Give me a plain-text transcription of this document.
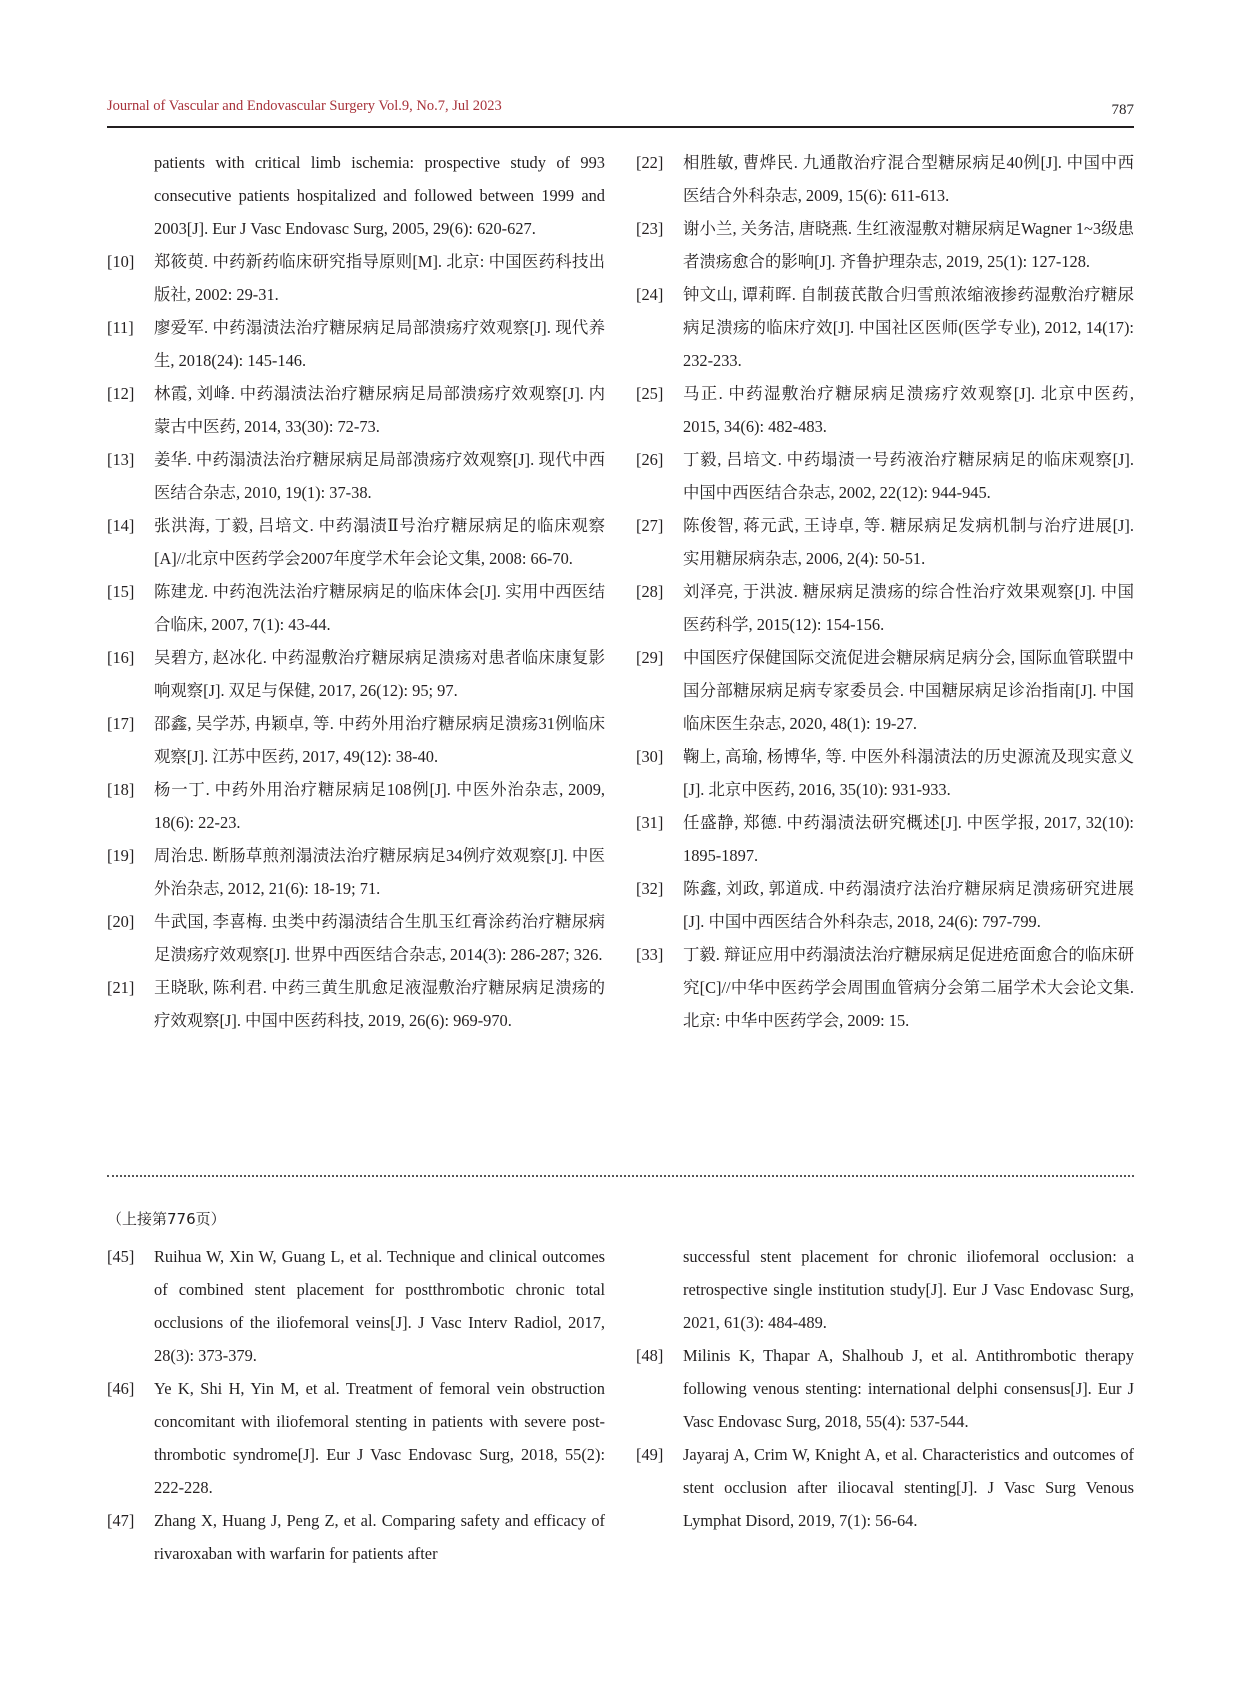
Journal of Vascular and Endovascular Surgery Vol.9, No.7, Jul 2023	787
patients with critical limb ischemia: prospective study of 993 consecutive patients hospitalized and followed between 1999 and 2003[J]. Eur J Vasc Endovasc Surg, 2005, 29(6): 620-627.
[10] 郑筱萸. 中药新药临床研究指导原则[M]. 北京: 中国医药科技出版社, 2002: 29-31.
[11] 廖爱军. 中药溻渍法治疗糖尿病足局部溃疡疗效观察[J]. 现代养生, 2018(24): 145-146.
[12] 林霞, 刘峰. 中药溻渍法治疗糖尿病足局部溃疡疗效观察[J]. 内蒙古中医药, 2014, 33(30): 72-73.
[13] 姜华. 中药溻渍法治疗糖尿病足局部溃疡疗效观察[J]. 现代中西医结合杂志, 2010, 19(1): 37-38.
[14] 张洪海, 丁毅, 吕培文. 中药溻渍Ⅱ号治疗糖尿病足的临床观察[A]//北京中医药学会2007年度学术年会论文集, 2008: 66-70.
[15] 陈建龙. 中药泡洗法治疗糖尿病足的临床体会[J]. 实用中西医结合临床, 2007, 7(1): 43-44.
[16] 吴碧方, 赵冰化. 中药湿敷治疗糖尿病足溃疡对患者临床康复影响观察[J]. 双足与保健, 2017, 26(12): 95; 97.
[17] 邵鑫, 吴学苏, 冉颖卓, 等. 中药外用治疗糖尿病足溃疡31例临床观察[J]. 江苏中医药, 2017, 49(12): 38-40.
[18] 杨一丁. 中药外用治疗糖尿病足108例[J]. 中医外治杂志, 2009, 18(6): 22-23.
[19] 周治忠. 断肠草煎剂溻渍法治疗糖尿病足34例疗效观察[J]. 中医外治杂志, 2012, 21(6): 18-19; 71.
[20] 牛武国, 李喜梅. 虫类中药溻渍结合生肌玉红膏涂药治疗糖尿病足溃疡疗效观察[J]. 世界中西医结合杂志, 2014(3): 286-287; 326.
[21] 王晓耿, 陈利君. 中药三黄生肌愈足液湿敷治疗糖尿病足溃疡的疗效观察[J]. 中国中医药科技, 2019, 26(6): 969-970.
[22] 相胜敏, 曹烨民. 九通散治疗混合型糖尿病足40例[J]. 中国中西医结合外科杂志, 2009, 15(6): 611-613.
[23] 谢小兰, 关务洁, 唐晓燕. 生红液湿敷对糖尿病足Wagner 1~3级患者溃疡愈合的影响[J]. 齐鲁护理杂志, 2019, 25(1): 127-128.
[24] 钟文山, 谭莉晖. 自制菝芪散合归雪煎浓缩液掺药湿敷治疗糖尿病足溃疡的临床疗效[J]. 中国社区医师(医学专业), 2012, 14(17): 232-233.
[25] 马正. 中药湿敷治疗糖尿病足溃疡疗效观察[J]. 北京中医药, 2015, 34(6): 482-483.
[26] 丁毅, 吕培文. 中药塌渍一号药液治疗糖尿病足的临床观察[J]. 中国中西医结合杂志, 2002, 22(12): 944-945.
[27] 陈俊智, 蒋元武, 王诗卓, 等. 糖尿病足发病机制与治疗进展[J]. 实用糖尿病杂志, 2006, 2(4): 50-51.
[28] 刘泽亮, 于洪波. 糖尿病足溃疡的综合性治疗效果观察[J]. 中国医药科学, 2015(12): 154-156.
[29] 中国医疗保健国际交流促进会糖尿病足病分会, 国际血管联盟中国分部糖尿病足病专家委员会. 中国糖尿病足诊治指南[J]. 中国临床医生杂志, 2020, 48(1): 19-27.
[30] 鞠上, 高瑜, 杨博华, 等. 中医外科溻渍法的历史源流及现实意义[J]. 北京中医药, 2016, 35(10): 931-933.
[31] 任盛静, 郑德. 中药溻渍法研究概述[J]. 中医学报, 2017, 32(10): 1895-1897.
[32] 陈鑫, 刘政, 郭道成. 中药溻渍疗法治疗糖尿病足溃疡研究进展[J]. 中国中西医结合外科杂志, 2018, 24(6): 797-799.
[33] 丁毅. 辩证应用中药溻渍法治疗糖尿病足促进疮面愈合的临床研究[C]//中华中医药学会周围血管病分会第二届学术大会论文集. 北京: 中华中医药学会, 2009: 15.
（上接第776页）
[45] Ruihua W, Xin W, Guang L, et al. Technique and clinical outcomes of combined stent placement for postthrombotic chronic total occlusions of the iliofemoral veins[J]. J Vasc Interv Radiol, 2017, 28(3): 373-379.
[46] Ye K, Shi H, Yin M, et al. Treatment of femoral vein obstruction concomitant with iliofemoral stenting in patients with severe post-thrombotic syndrome[J]. Eur J Vasc Endovasc Surg, 2018, 55(2): 222-228.
[47] Zhang X, Huang J, Peng Z, et al. Comparing safety and efficacy of rivaroxaban with warfarin for patients after
successful stent placement for chronic iliofemoral occlusion: a retrospective single institution study[J]. Eur J Vasc Endovasc Surg, 2021, 61(3): 484-489.
[48] Milinis K, Thapar A, Shalhoub J, et al. Antithrombotic therapy following venous stenting: international delphi consensus[J]. Eur J Vasc Endovasc Surg, 2018, 55(4): 537-544.
[49] Jayaraj A, Crim W, Knight A, et al. Characteristics and outcomes of stent occlusion after iliocaval stenting[J]. J Vasc Surg Venous Lymphat Disord, 2019, 7(1): 56-64.
